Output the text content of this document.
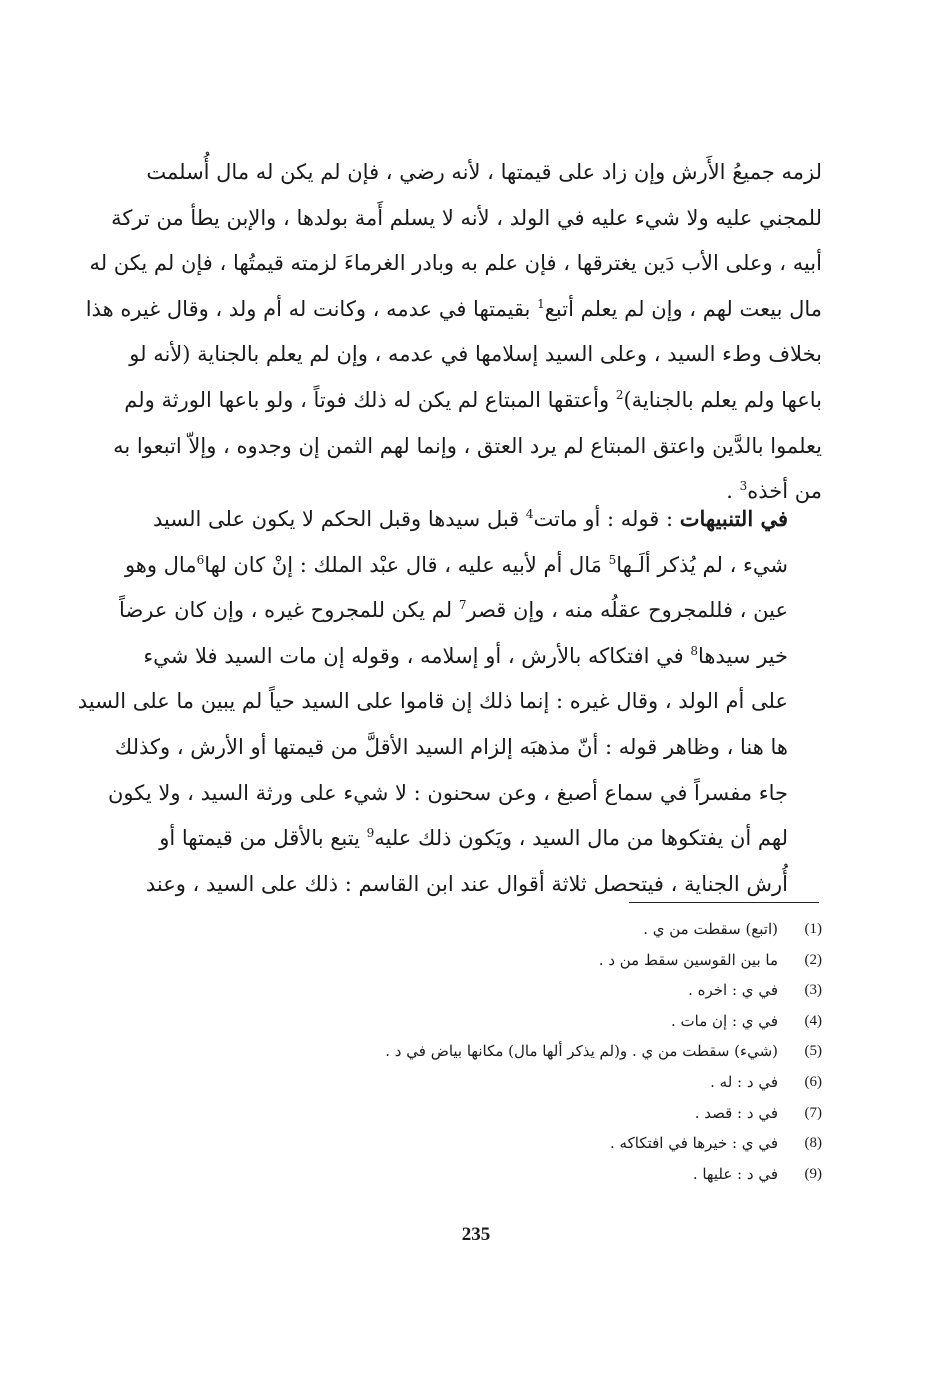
لزمه جميعُ الأَرش وإن زاد على قيمتها ، لأنه رضي ، فإن لم يكن له مال أُسلمت
للمجني عليه ولا شيء عليه في الولد ، لأنه لا يسلم أَمة بولدها ، والإبن يطأ من تركة
أبيه ، وعلى الأب دَين يغترقها ، فإن علم به وبادر الغرماءَ لزمته قيمتُها ، فإن لم يكن له
مال بيعت لهم ، وإن لم يعلم أتبع$^1$ بقيمتها في عدمه ، وكانت له أم ولد ، وقال غيره هذا
بخلاف وطء السيد ، وعلى السيد إسلامها في عدمه ، وإن لم يعلم بالجناية (لأنه لو
باعها ولم يعلم بالجناية)$^2$ وأعتقها المبتاع لم يكن له ذلك فوتاً ، ولو باعها الورثة ولم
يعلموا بالدَّين واعتق المبتاع لم يرد العتق ، وإنما لهم الثمن إن وجدوه ، وإلاّ اتبعوا به
من أخذه$^3$ .
في التنبيهات : قوله : أو ماتت$^4$ قبل سيدها وقبل الحكم لا يكون على السيد
شيء ، لم يُذكر ألَـها$^5$ مَال أم لأبيه عليه ، قال عبْد الملك : إنْ كان لها$^6$مال وهو
عين ، فللمجروح عقلُه منه ، وإن قصر$^7$ لم يكن للمجروح غيره ، وإن كان عرضاً
خير سيدها$^8$ في افتكاكه بالأرش ، أو إسلامه ، وقوله إن مات السيد فلا شيء
على أم الولد ، وقال غيره : إنما ذلك إن قاموا على السيد حياً لم يبين ما على السيد
ها هنا ، وظاهر قوله : أنّ مذهبَه إلزام السيد الأقلَّ من قيمتها أو الأرش ، وكذلك
جاء مفسراً في سماع أصبغ ، وعن سحنون : لا شيء على ورثة السيد ، ولا يكون
لهم أن يفتكوها من مال السيد ، ويَكون ذلك عليه$^9$ يتبع بالأقل من قيمتها أو
أُرش الجناية ، فيتحصل ثلاثة أقوال عند ابن القاسم : ذلك على السيد ، وعند
(1)
(اتبع) سقطت من ي .
(2)
ما بين القوسين سقط من د .
(3)
في ي : اخره .
(4)
في ي : إن مات .
(5)
(شيء) سقطت من ي . و(لم يذكر ألها مال) مكانها بياض في د .
(6)
في د : له .
(7)
في د : قصد .
(8)
في ي : خيرها في افتكاكه .
(9)
في د : عليها .
235
